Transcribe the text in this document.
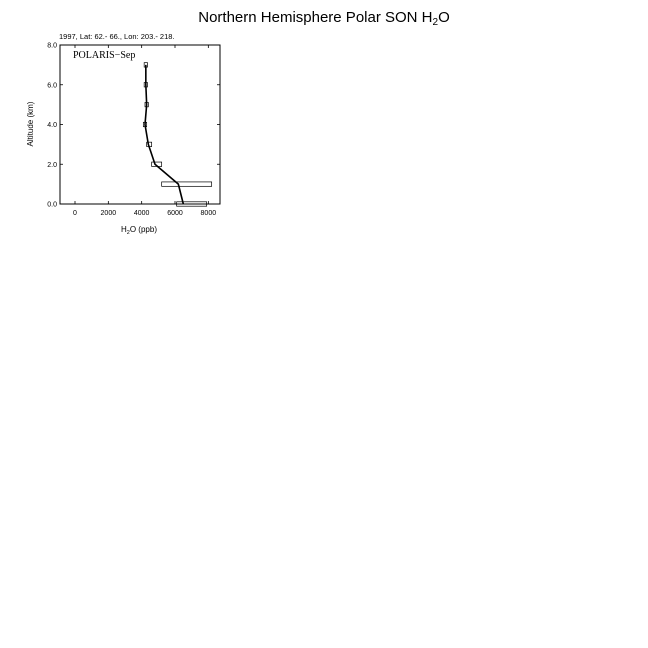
Northern Hemisphere Polar SON $H_2O$
1997, Lat: 62.- 66., Lon: 203.- 218.
POLARIS−Sep
0	2000	4000	6000	8000
0.0
2.0
4.0
6.0
8.0
$H_2O$ (ppb)
Altitude (km)
